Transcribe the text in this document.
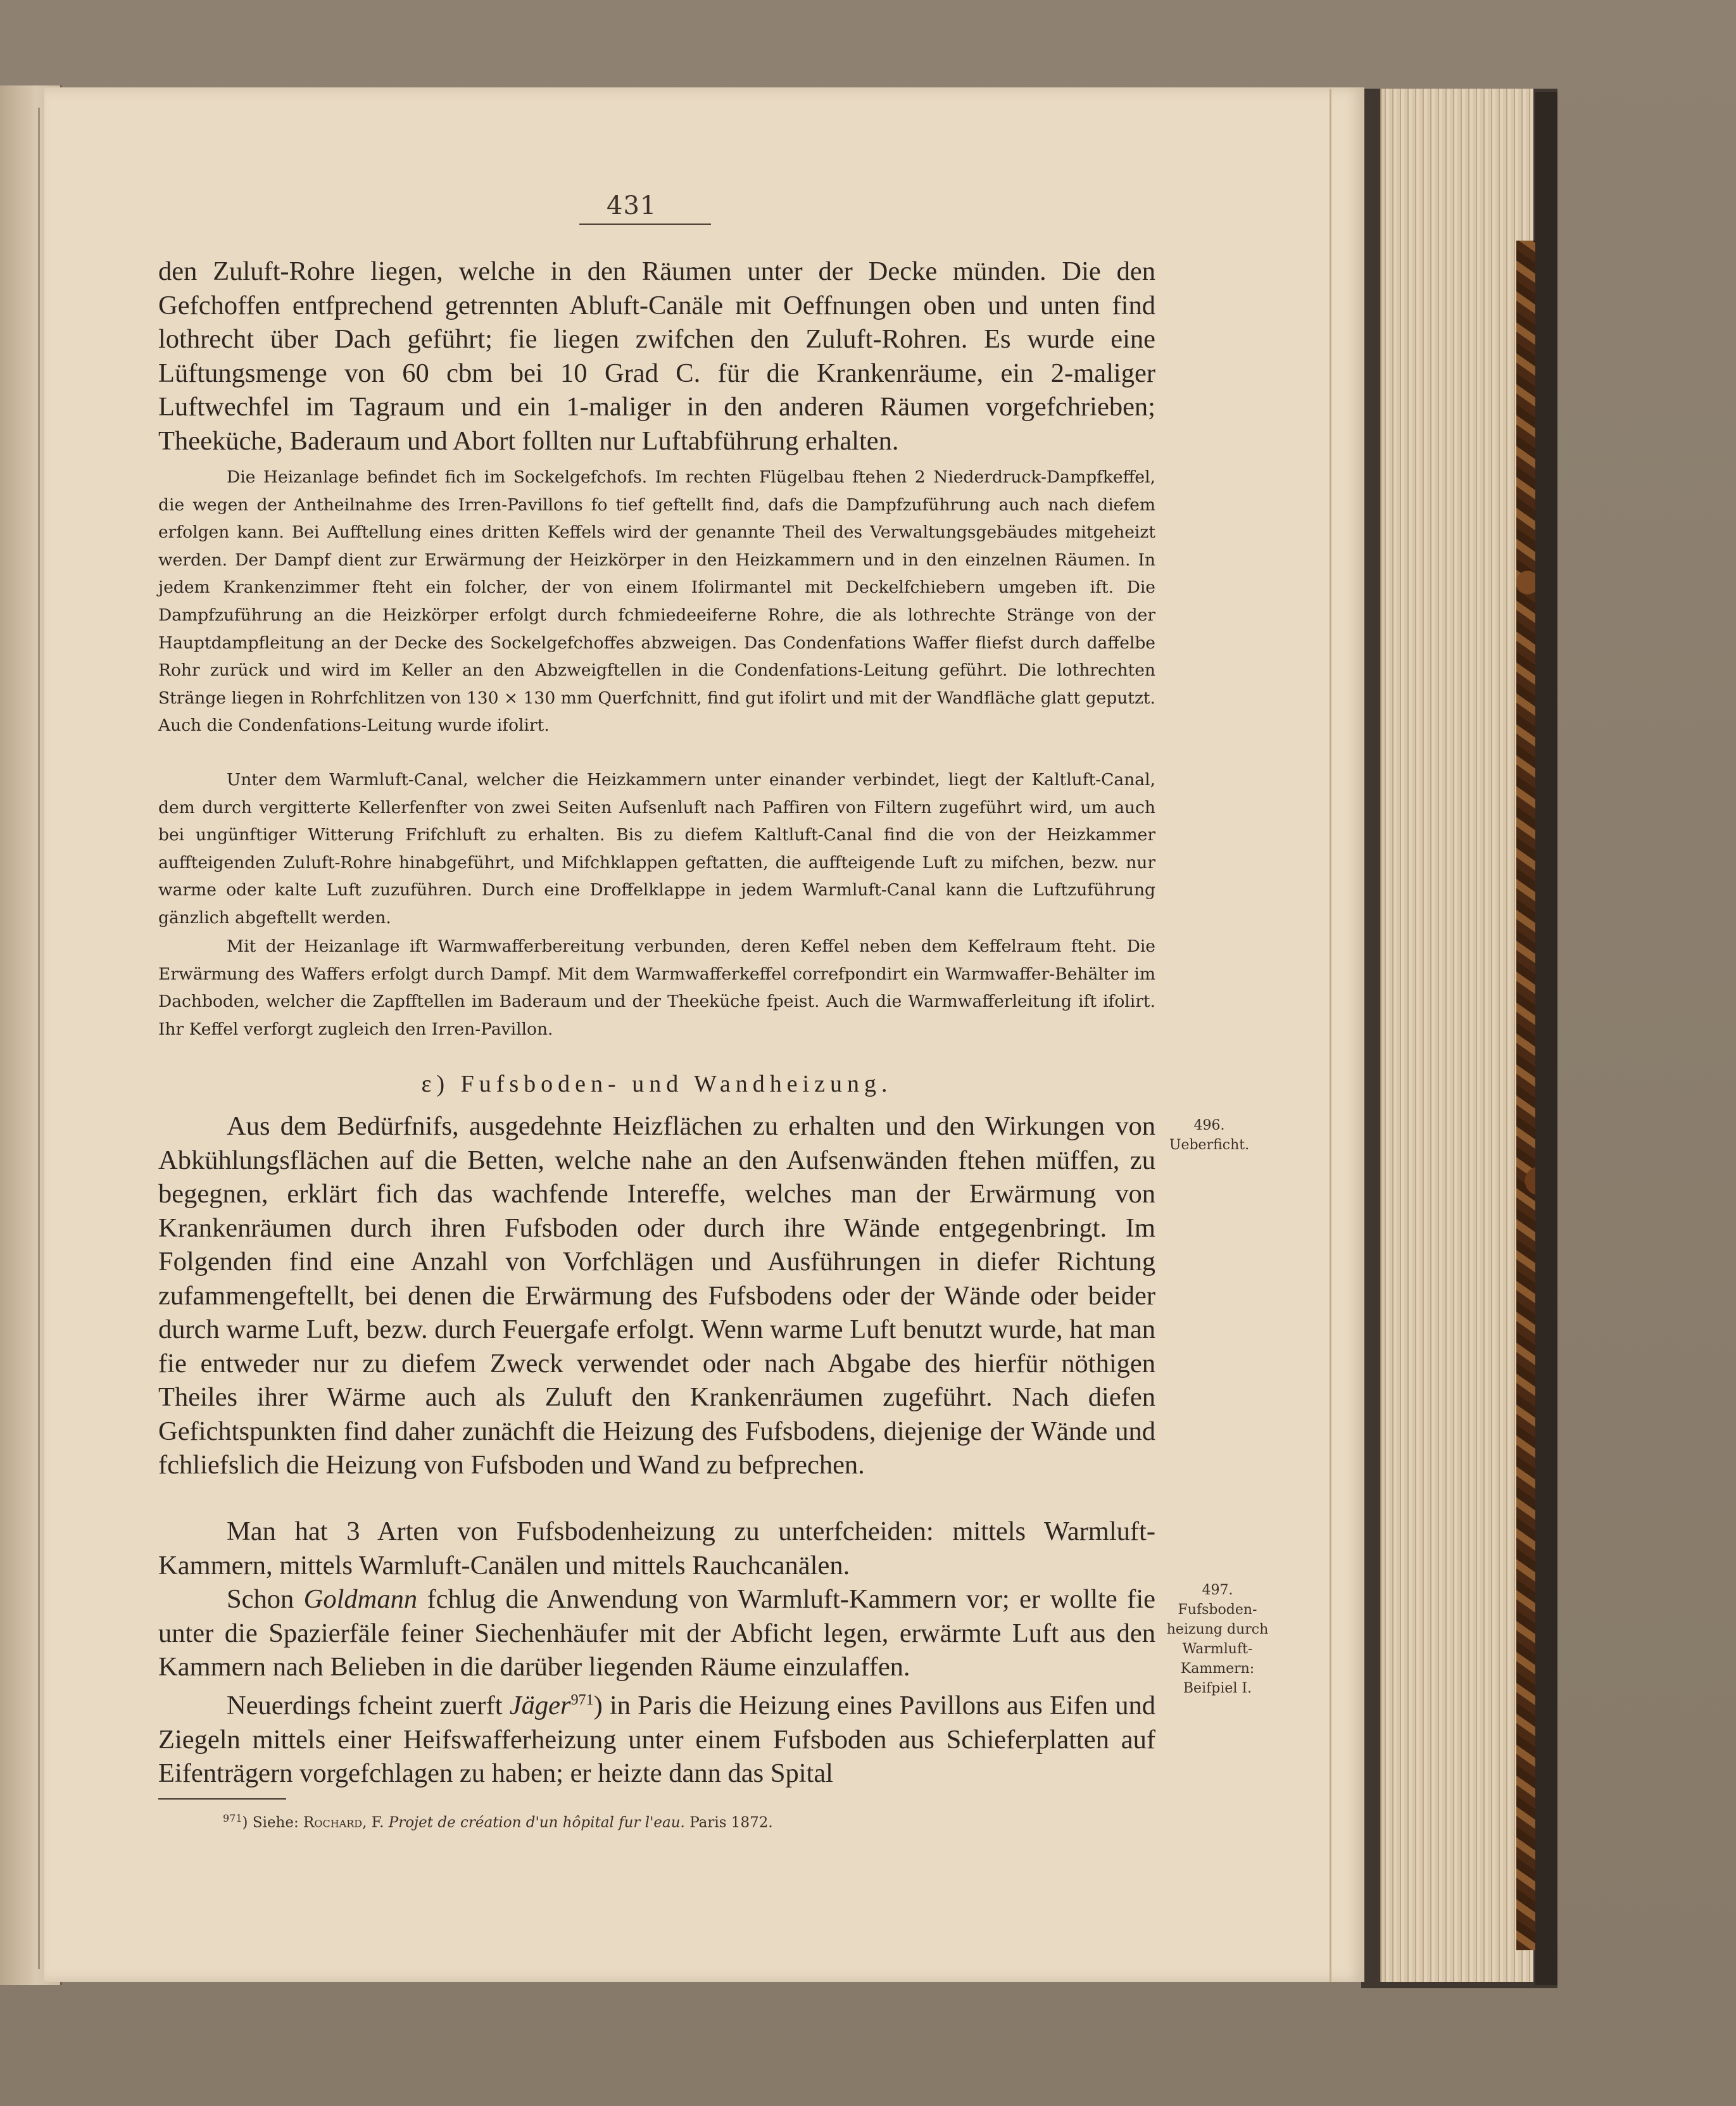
431

den Zuluft-Rohre liegen, welche in den Räumen unter der Decke münden. Die den Gefchoffen entfprechend getrennten Abluft-Canäle mit Oeffnungen oben und unten find lothrecht über Dach geführt; fie liegen zwifchen den Zuluft-Rohren. Es wurde eine Lüftungsmenge von 60 cbm bei 10 Grad C. für die Krankenräume, ein 2-maliger Luftwechfel im Tagraum und ein 1-maliger in den anderen Räumen vorgefchrieben; Theeküche, Baderaum und Abort follten nur Luftabführung erhalten.

Die Heizanlage befindet fich im Sockelgefchofs. Im rechten Flügelbau ftehen 2 Niederdruck-Dampfkeffel, die wegen der Antheilnahme des Irren-Pavillons fo tief geftellt find, dafs die Dampfzuführung auch nach diefem erfolgen kann. Bei Aufftellung eines dritten Keffels wird der genannte Theil des Verwaltungsgebäudes mitgeheizt werden. Der Dampf dient zur Erwärmung der Heizkörper in den Heizkammern und in den einzelnen Räumen. In jedem Krankenzimmer fteht ein folcher, der von einem Ifolirmantel mit Deckelfchiebern umgeben ift. Die Dampfzuführung an die Heizkörper erfolgt durch fchmiedeeiferne Rohre, die als lothrechte Stränge von der Hauptdampfleitung an der Decke des Sockelgefchoffes abzweigen. Das Condenfations Waffer fliefst durch daffelbe Rohr zurück und wird im Keller an den Abzweigftellen in die Condenfations-Leitung geführt. Die lothrechten Stränge liegen in Rohrfchlitzen von 130 × 130 mm Querfchnitt, find gut ifolirt und mit der Wandfläche glatt geputzt. Auch die Condenfations-Leitung wurde ifolirt.

Unter dem Warmluft-Canal, welcher die Heizkammern unter einander verbindet, liegt der Kaltluft-Canal, dem durch vergitterte Kellerfenfter von zwei Seiten Aufsenluft nach Paffiren von Filtern zugeführt wird, um auch bei ungünftiger Witterung Frifchluft zu erhalten. Bis zu diefem Kaltluft-Canal find die von der Heizkammer auffteigenden Zuluft-Rohre hinabgeführt, und Mifchklappen geftatten, die auffteigende Luft zu mifchen, bezw. nur warme oder kalte Luft zuzuführen. Durch eine Droffelklappe in jedem Warmluft-Canal kann die Luftzuführung gänzlich abgeftellt werden.

Mit der Heizanlage ift Warmwafferbereitung verbunden, deren Keffel neben dem Keffelraum fteht. Die Erwärmung des Waffers erfolgt durch Dampf. Mit dem Warmwafferkeffel correfpondirt ein Warmwaffer-Behälter im Dachboden, welcher die Zapfftellen im Baderaum und der Theeküche fpeist. Auch die Warmwafferleitung ift ifolirt. Ihr Keffel verforgt zugleich den Irren-Pavillon.

ε) Fufsboden- und Wandheizung.

Aus dem Bedürfnifs, ausgedehnte Heizflächen zu erhalten und den Wirkungen von Abkühlungsflächen auf die Betten, welche nahe an den Aufsenwänden ftehen müffen, zu begegnen, erklärt fich das wachfende Intereffe, welches man der Erwärmung von Krankenräumen durch ihren Fufsboden oder durch ihre Wände entgegenbringt. Im Folgenden find eine Anzahl von Vorfchlägen und Ausführungen in diefer Richtung zufammengeftellt, bei denen die Erwärmung des Fufsbodens oder der Wände oder beider durch warme Luft, bezw. durch Feuergafe erfolgt. Wenn warme Luft benutzt wurde, hat man fie entweder nur zu diefem Zweck verwendet oder nach Abgabe des hierfür nöthigen Theiles ihrer Wärme auch als Zuluft den Krankenräumen zugeführt. Nach diefen Gefichtspunkten find daher zunächft die Heizung des Fufsbodens, diejenige der Wände und fchliefslich die Heizung von Fufsboden und Wand zu befprechen.

Man hat 3 Arten von Fufsbodenheizung zu unterfcheiden: mittels Warmluft-Kammern, mittels Warmluft-Canälen und mittels Rauchcanälen.

Schon Goldmann fchlug die Anwendung von Warmluft-Kammern vor; er wollte fie unter die Spazierfäle feiner Siechenhäufer mit der Abficht legen, erwärmte Luft aus den Kammern nach Belieben in die darüber liegenden Räume einzulaffen.

Neuerdings fcheint zuerft Jäger$^{971}$) in Paris die Heizung eines Pavillons aus Eifen und Ziegeln mittels einer Heifswafferheizung unter einem Fufsboden aus Schieferplatten auf Eifenträgern vorgefchlagen zu haben; er heizte dann das Spital

496.
Ueberficht.
497.
Fufsboden-heizung durch Warmluft-Kammern: Beifpiel I.
$^{971}$) Siehe: Rochard, F. Projet de création d'un hôpital fur l'eau. Paris 1872.
